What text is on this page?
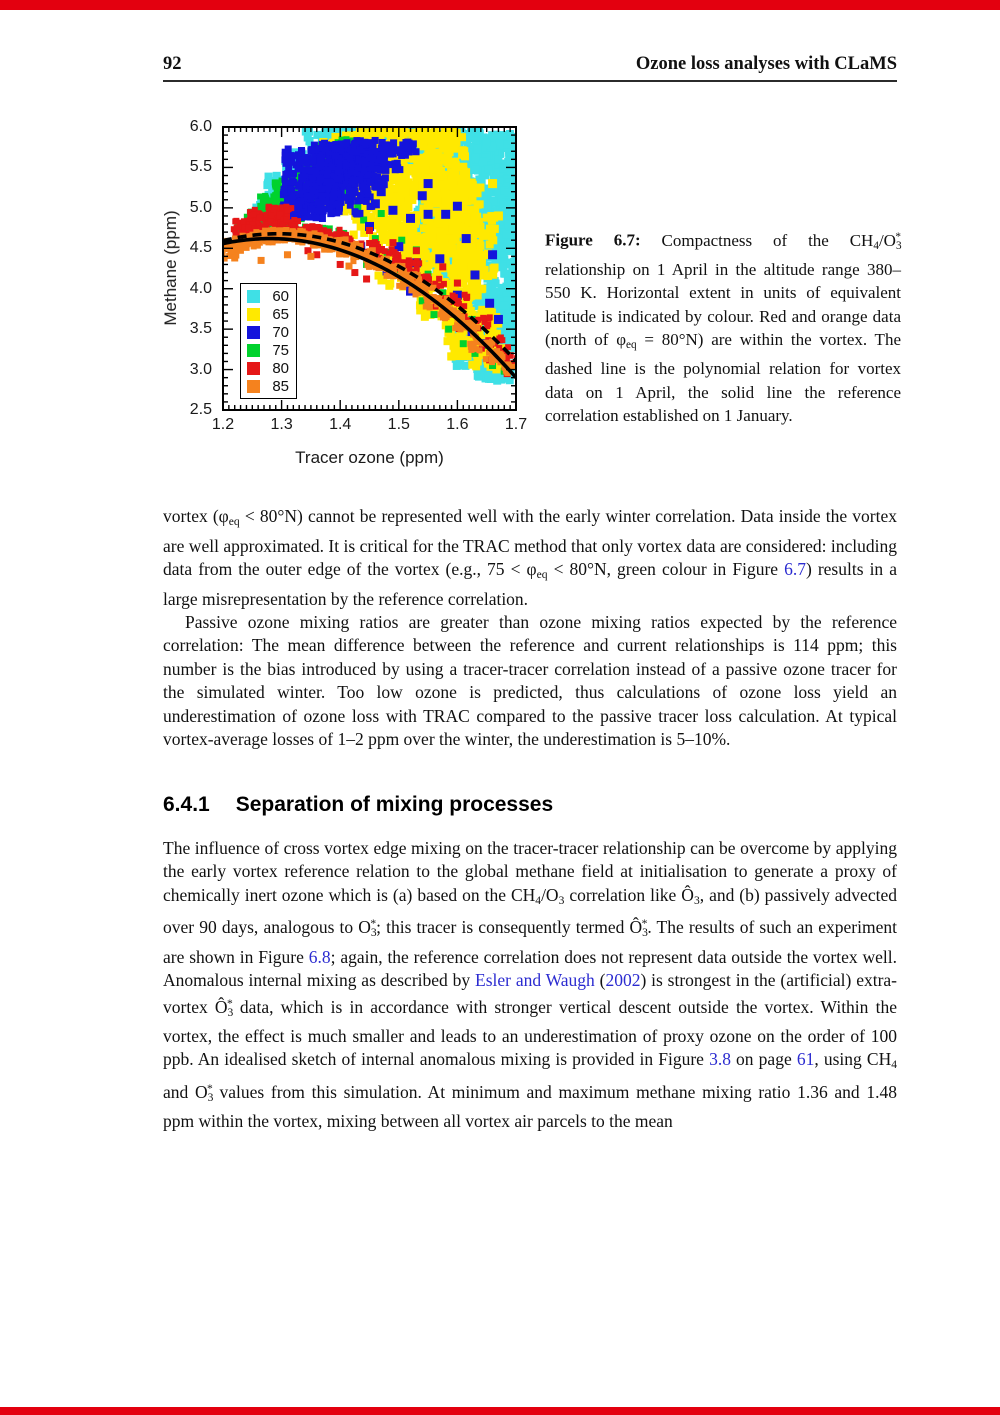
92	Ozone loss analyses with CLaMS
Methane (ppm)
Tracer ozone (ppm)
60
65
70
75
80
85
1.2	1.3	1.4	1.5	1.6	1.7
2.5
3.0
3.5
4.0
4.5
5.0
5.5
6.0
Figure 6.7: Compactness of the $CH_4/O_3^*$ relationship on 1 April in the altitude range 380–550 K. Horizontal extent in units of equivalent latitude is indicated by colour. Red and orange data (north of $\varphi_{eq} = 80^\circ N$) are within the vortex. The dashed line is the polynomial relation for vortex data on 1 April, the solid line the reference correlation established on 1 January.

vortex $(\varphi_{eq} < 80^\circ N)$ cannot be represented well with the early winter correlation. Data inside the vortex are well approximated. It is critical for the TRAC method that only vortex data are considered: including data from the outer edge of the vortex (e.g., $75 < \varphi_{eq} < 80^\circ N$, green colour in Figure 6.7) results in a large misrepresentation by the reference correlation.

Passive ozone mixing ratios are greater than ozone mixing ratios expected by the reference correlation: The mean difference between the reference and current relationships is 114 ppm; this number is the bias introduced by using a tracer-tracer correlation instead of a passive ozone tracer for the simulated winter. Too low ozone is predicted, thus calculations of ozone loss yield an underestimation of ozone loss with TRAC compared to the passive tracer loss calculation. At typical vortex-average losses of 1–2 ppm over the winter, the underestimation is 5–10%.

6.4.1 Separation of mixing processes

The influence of cross vortex edge mixing on the tracer-tracer relationship can be overcome by applying the early vortex reference relation to the global methane field at initialisation to generate a proxy of chemically inert ozone which is (a) based on the $CH_4/O_3$ correlation like $Ô_3$, and (b) passively advected over 90 days, analogous to $O_3^*$; this tracer is consequently termed $Ô_3^*$. The results of such an experiment are shown in Figure 6.8; again, the reference correlation does not represent data outside the vortex well. Anomalous internal mixing as described by Esler and Waugh (2002) is strongest in the (artificial) extra-vortex $Ô_3^*$ data, which is in accordance with stronger vertical descent outside the vortex. Within the vortex, the effect is much smaller and leads to an underestimation of proxy ozone on the order of 100 ppb. An idealised sketch of internal anomalous mixing is provided in Figure 3.8 on page 61, using $CH_4$ and $O_3^*$ values from this simulation. At minimum and maximum methane mixing ratio 1.36 and 1.48 ppm within the vortex, mixing between all vortex air parcels to the mean
